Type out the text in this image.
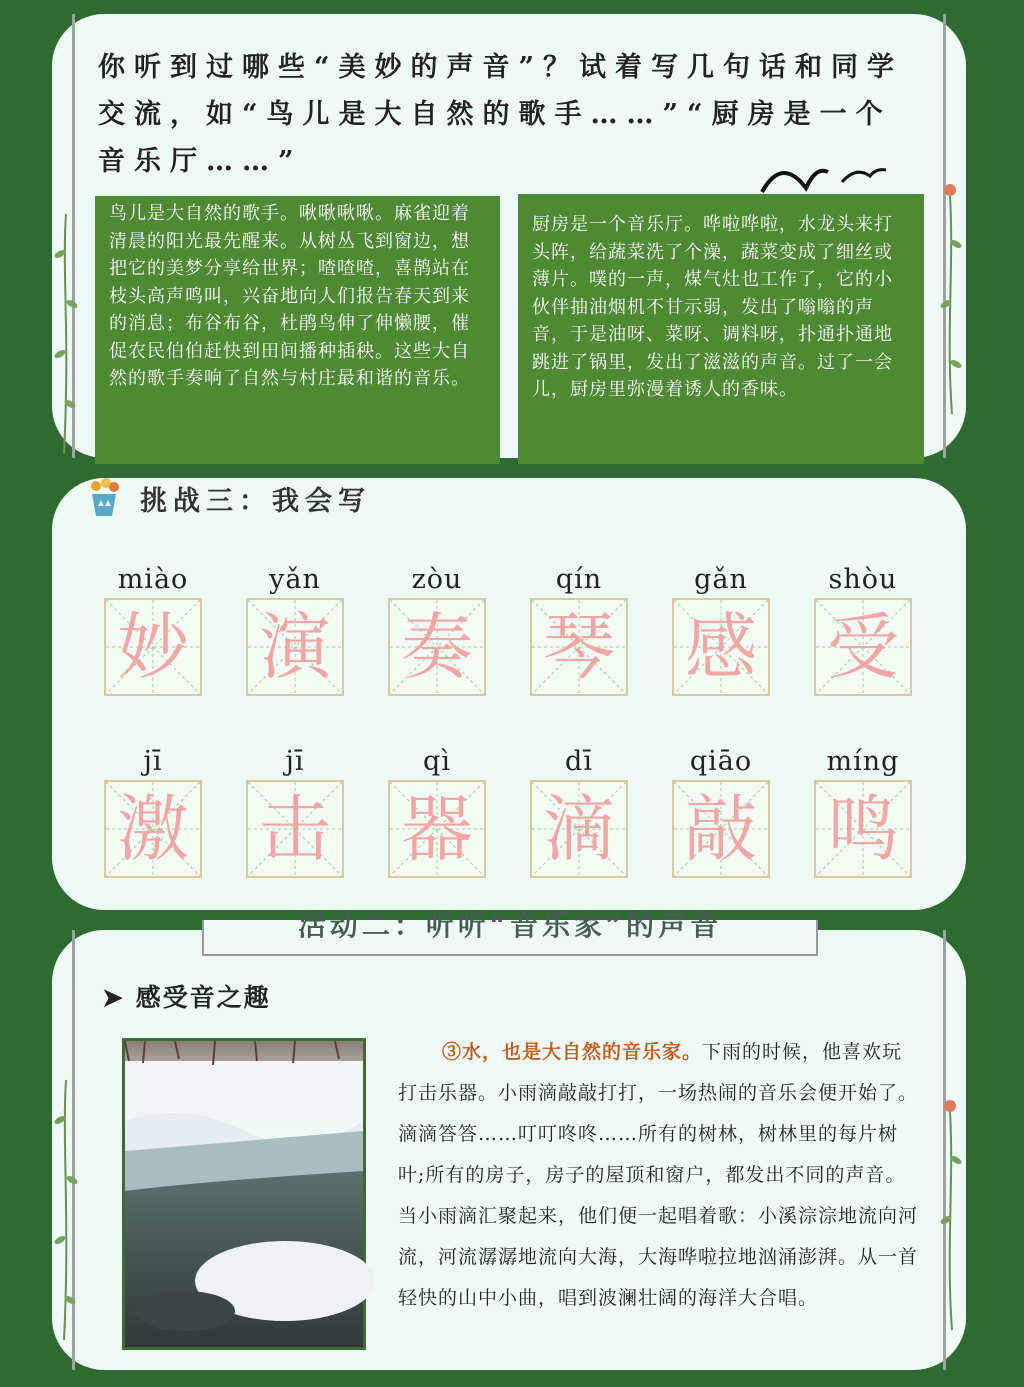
你听到过哪些“美妙的声音”？试着写几句话和同学交流，如“鸟儿是大自然的歌手……”“厨房是一个音乐厅……”
鸟儿是大自然的歌手。啾啾啾啾。麻雀迎着清晨的阳光最先醒来。从树丛飞到窗边，想把它的美梦分享给世界；喳喳喳，喜鹊站在枝头高声鸣叫，兴奋地向人们报告春天到来的消息；布谷布谷，杜鹃鸟伸了伸懒腰，催促农民伯伯赶快到田间播种插秧。这些大自然的歌手奏响了自然与村庄最和谐的音乐。
厨房是一个音乐厅。哗啦哗啦，水龙头来打头阵，给蔬菜洗了个澡，蔬菜变成了细丝或薄片。噗的一声，煤气灶也工作了，它的小伙伴抽油烟机不甘示弱，发出了嗡嗡的声音，于是油呀、菜呀、调料呀，扑通扑通地跳进了锅里，发出了滋滋的声音。过了一会儿，厨房里弥漫着诱人的香味。
挑战三：我会写
miào
妙
yǎn
演
zòu
奏
qín
琴
gǎn
感
shòu
受
jī
激
jī
击
qì
器
dī
滴
qiāo
敲
míng
鸣
活动二：听听“音乐家”的声音
➤ 感受音之趣
③水，也是大自然的音乐家。下雨的时候，他喜欢玩打击乐器。小雨滴敲敲打打，一场热闹的音乐会便开始了。滴滴答答……叮叮咚咚……所有的树林，树林里的每片树叶;所有的房子，房子的屋顶和窗户，都发出不同的声音。当小雨滴汇聚起来，他们便一起唱着歌：小溪淙淙地流向河流，河流潺潺地流向大海，大海哗啦拉地汹涌澎湃。从一首轻快的山中小曲，唱到波澜壮阔的海洋大合唱。
